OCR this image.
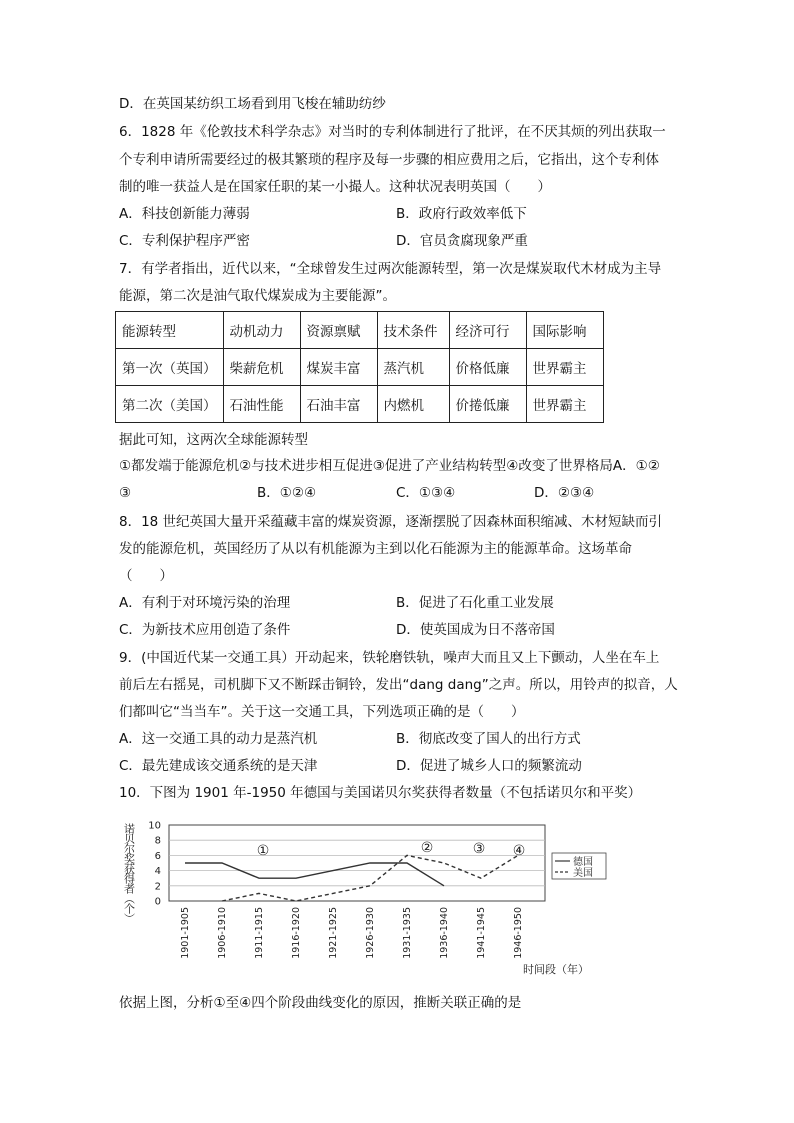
D．在英国某纺织工场看到用飞梭在辅助纺纱
6．1828 年《伦敦技术科学杂志》对当时的专利体制进行了批评，在不厌其烦的列出获取一
个专利申请所需要经过的极其繁琐的程序及每一步骤的相应费用之后，它指出，这个专利体
制的唯一获益人是在国家任职的某一小撮人。这种状况表明英国（　　）
A．科技创新能力薄弱	B．政府行政效率低下
C．专利保护程序严密	D．官员贪腐现象严重
7．有学者指出，近代以来，“全球曾发生过两次能源转型，第一次是煤炭取代木材成为主导
能源，第二次是油气取代煤炭成为主要能源”。
能源转型	动机动力	资源禀赋	技术条件	经济可行	国际影响
第一次（英国）	柴薪危机	煤炭丰富	蒸汽机	价格低廉	世界霸主
第二次（美国）	石油性能	石油丰富	内燃机	价捲低廉	世界霸主
据此可知，这两次全球能源转型
①都发端于能源危机②与技术进步相互促进③促进了产业结构转型④改变了世界格局A．①②
③	B．①②④	C．①③④	D．②③④
8．18 世纪英国大量开采蕴藏丰富的煤炭资源，逐渐摆脱了因森林面积缩减、木材短缺而引
发的能源危机，英国经历了从以有机能源为主到以化石能源为主的能源革命。这场革命
（　　）
A．有利于对环境污染的治理	B．促进了石化重工业发展
C．为新技术应用创造了条件	D．使英国成为日不落帝国
9．(中国近代某一交通工具）开动起来，铁轮磨铁轨，噪声大而且又上下颤动，人坐在车上
前后左右摇晃，司机脚下又不断踩击铜铃，发出“dang dang”之声。所以，用铃声的拟音，人
们都叫它“当当车”。关于这一交通工具，下列选项正确的是（　　）
A．这一交通工具的动力是蒸汽机	B．彻底改变了国人的出行方式
C．最先建成该交通系统的是天津	D．促进了城乡人口的频繁流动
10．下图为 1901 年-1950 年德国与美国诺贝尔奖获得者数量（不包括诺贝尔和平奖）
0
2
4
6
8
10
诺贝尔奖获得者（个）
1901-1905	1906-1910	1911-1915	1916-1920	1921-1925	1926-1930	1931-1935	1936-1940	1941-1945	1946-1950
时间段（年）
①	②	③ ④
德国
美国
依据上图，分析①至④四个阶段曲线变化的原因，推断关联正确的是
